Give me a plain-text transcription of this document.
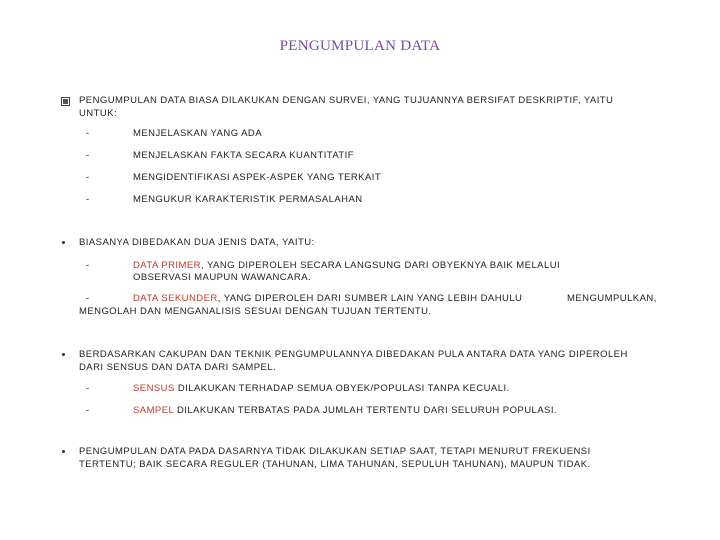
PENGUMPULAN DATA
PENGUMPULAN DATA BIASA DILAKUKAN DENGAN SURVEI, YANG TUJUANNYA BERSIFAT DESKRIPTIF, YAITU
UNTUK:
-	MENJELASKAN YANG ADA
-	MENJELASKAN FAKTA SECARA KUANTITATIF
-	MENGIDENTIFIKASI ASPEK-ASPEK YANG TERKAIT
-	MENGUKUR KARAKTERISTIK PERMASALAHAN
BIASANYA DIBEDAKAN DUA JENIS DATA, YAITU:
-	DATA PRIMER, YANG DIPEROLEH SECARA LANGSUNG DARI OBYEKNYA BAIK MELALUI
OBSERVASI MAUPUN WAWANCARA.
-	DATA SEKUNDER, YANG DIPEROLEH DARI SUMBER LAIN YANG LEBIH DAHULU	MENGUMPULKAN,
MENGOLAH DAN MENGANALISIS SESUAI DENGAN TUJUAN TERTENTU.
BERDASARKAN CAKUPAN DAN TEKNIK PENGUMPULANNYA DIBEDAKAN PULA ANTARA DATA YANG DIPEROLEH
DARI SENSUS DAN DATA DARI SAMPEL.
-	SENSUS DILAKUKAN TERHADAP SEMUA OBYEK/POPULASI TANPA KECUALI.
-	SAMPEL DILAKUKAN TERBATAS PADA JUMLAH TERTENTU DARI SELURUH POPULASI.
PENGUMPULAN DATA PADA DASARNYA TIDAK DILAKUKAN SETIAP SAAT, TETAPI MENURUT FREKUENSI
TERTENTU; BAIK SECARA REGULER (TAHUNAN, LIMA TAHUNAN, SEPULUH TAHUNAN), MAUPUN TIDAK.
